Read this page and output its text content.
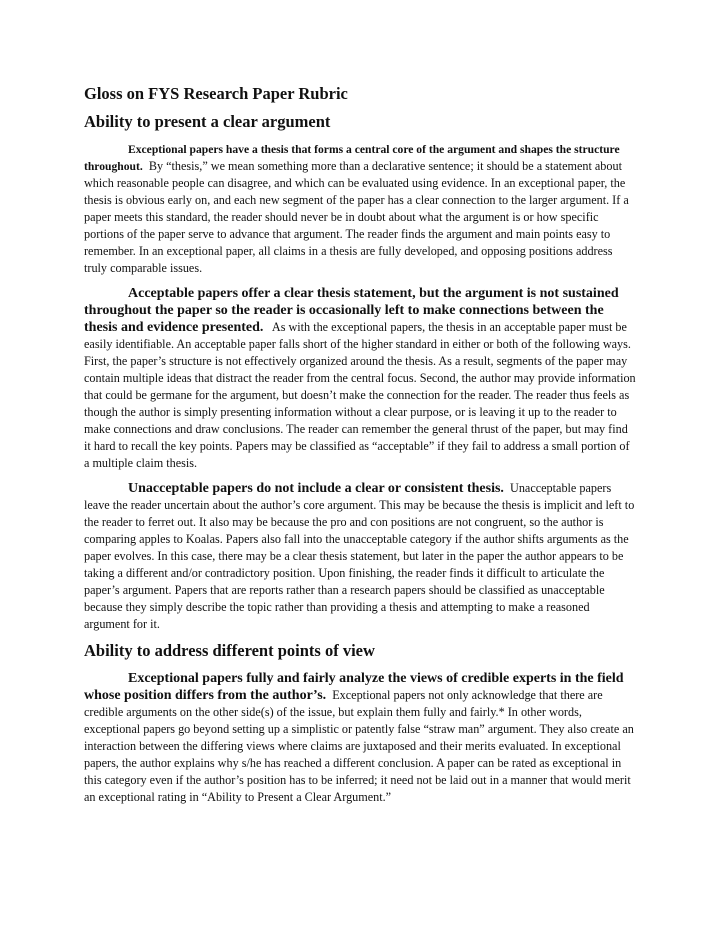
Gloss on FYS Research Paper Rubric
Ability to present a clear argument

Exceptional papers have a thesis that forms a central core of the argument and shapes the structure throughout. By “thesis,” we mean something more than a declarative sentence; it should be a statement about which reasonable people can disagree, and which can be evaluated using evidence. In an exceptional paper, the thesis is obvious early on, and each new segment of the paper has a clear connection to the larger argument. If a paper meets this standard, the reader should never be in doubt about what the argument is or how specific portions of the paper serve to advance that argument. The reader finds the argument and main points easy to remember. In an exceptional paper, all claims in a thesis are fully developed, and opposing positions address truly comparable issues.

Acceptable papers offer a clear thesis statement, but the argument is not sustained throughout the paper so the reader is occasionally left to make connections between the thesis and evidence presented. As with the exceptional papers, the thesis in an acceptable paper must be easily identifiable. An acceptable paper falls short of the higher standard in either or both of the following ways. First, the paper’s structure is not effectively organized around the thesis. As a result, segments of the paper may contain multiple ideas that distract the reader from the central focus. Second, the author may provide information that could be germane for the argument, but doesn’t make the connection for the reader. The reader thus feels as though the author is simply presenting information without a clear purpose, or is leaving it up to the reader to make connections and draw conclusions. The reader can remember the general thrust of the paper, but may find it hard to recall the key points. Papers may be classified as “acceptable” if they fail to address a small portion of a multiple claim thesis.

Unacceptable papers do not include a clear or consistent thesis. Unacceptable papers leave the reader uncertain about the author’s core argument. This may be because the thesis is implicit and left to the reader to ferret out. It also may be because the pro and con positions are not congruent, so the author is comparing apples to Koalas. Papers also fall into the unacceptable category if the author shifts arguments as the paper evolves. In this case, there may be a clear thesis statement, but later in the paper the author appears to be taking a different and/or contradictory position. Upon finishing, the reader finds it difficult to articulate the paper’s argument. Papers that are reports rather than a research papers should be classified as unacceptable because they simply describe the topic rather than providing a thesis and attempting to make a reasoned argument for it.

Ability to address different points of view

Exceptional papers fully and fairly analyze the views of credible experts in the field whose position differs from the author’s. Exceptional papers not only acknowledge that there are credible arguments on the other side(s) of the issue, but explain them fully and fairly.* In other words, exceptional papers go beyond setting up a simplistic or patently false “straw man” argument. They also create an interaction between the differing views where claims are juxtaposed and their merits evaluated. In exceptional papers, the author explains why s/he has reached a different conclusion. A paper can be rated as exceptional in this category even if the author’s position has to be inferred; it need not be laid out in a manner that would merit an exceptional rating in “Ability to Present a Clear Argument.”
